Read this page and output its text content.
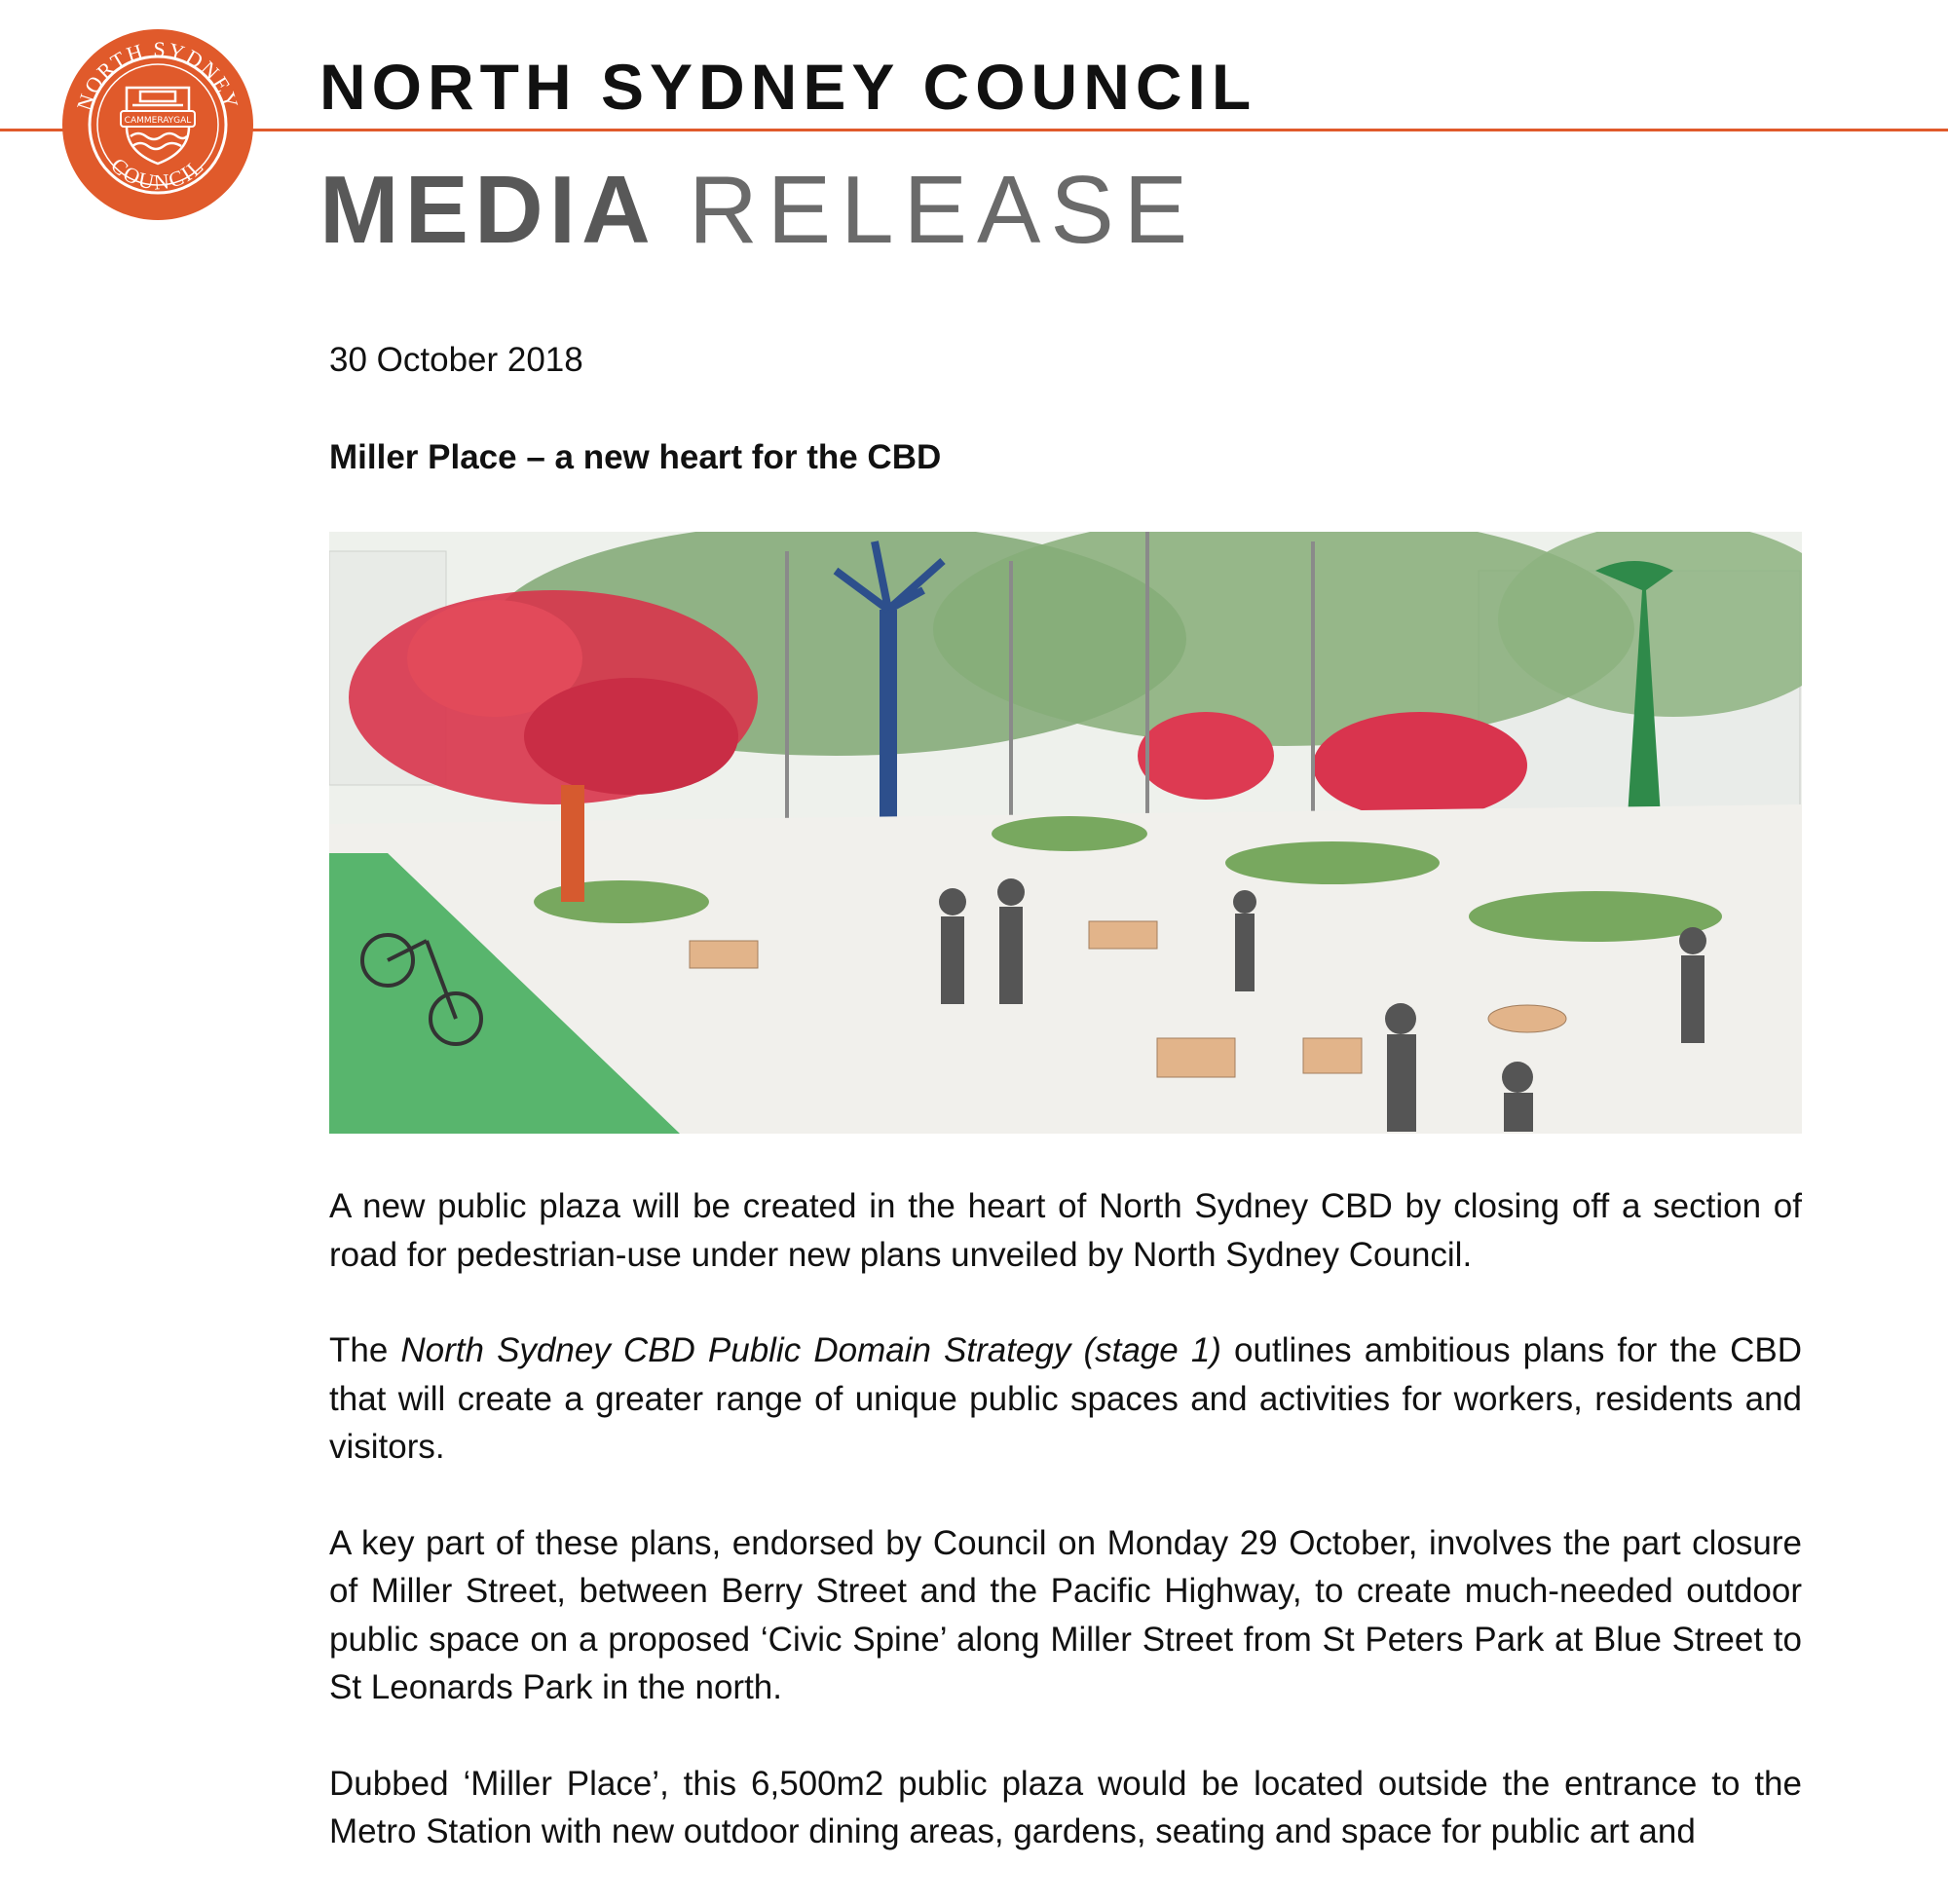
NORTH SYDNEY
COUNCIL
CAMMERAYGAL NORTH SYDNEY COUNCIL
MEDIA RELEASE
30 October 2018
Miller Place – a new heart for the CBD

A new public plaza will be created in the heart of North Sydney CBD by closing off a section of road for pedestrian-use under new plans unveiled by North Sydney Council.

The North Sydney CBD Public Domain Strategy (stage 1) outlines ambitious plans for the CBD that will create a greater range of unique public spaces and activities for workers, residents and visitors.

A key part of these plans, endorsed by Council on Monday 29 October, involves the part closure of Miller Street, between Berry Street and the Pacific Highway, to create much-needed outdoor public space on a proposed ‘Civic Spine’ along Miller Street from St Peters Park at Blue Street to St Leonards Park in the north.

Dubbed ‘Miller Place’, this 6,500m2 public plaza would be located outside the entrance to the Metro Station with new outdoor dining areas, gardens, seating and space for public art and
